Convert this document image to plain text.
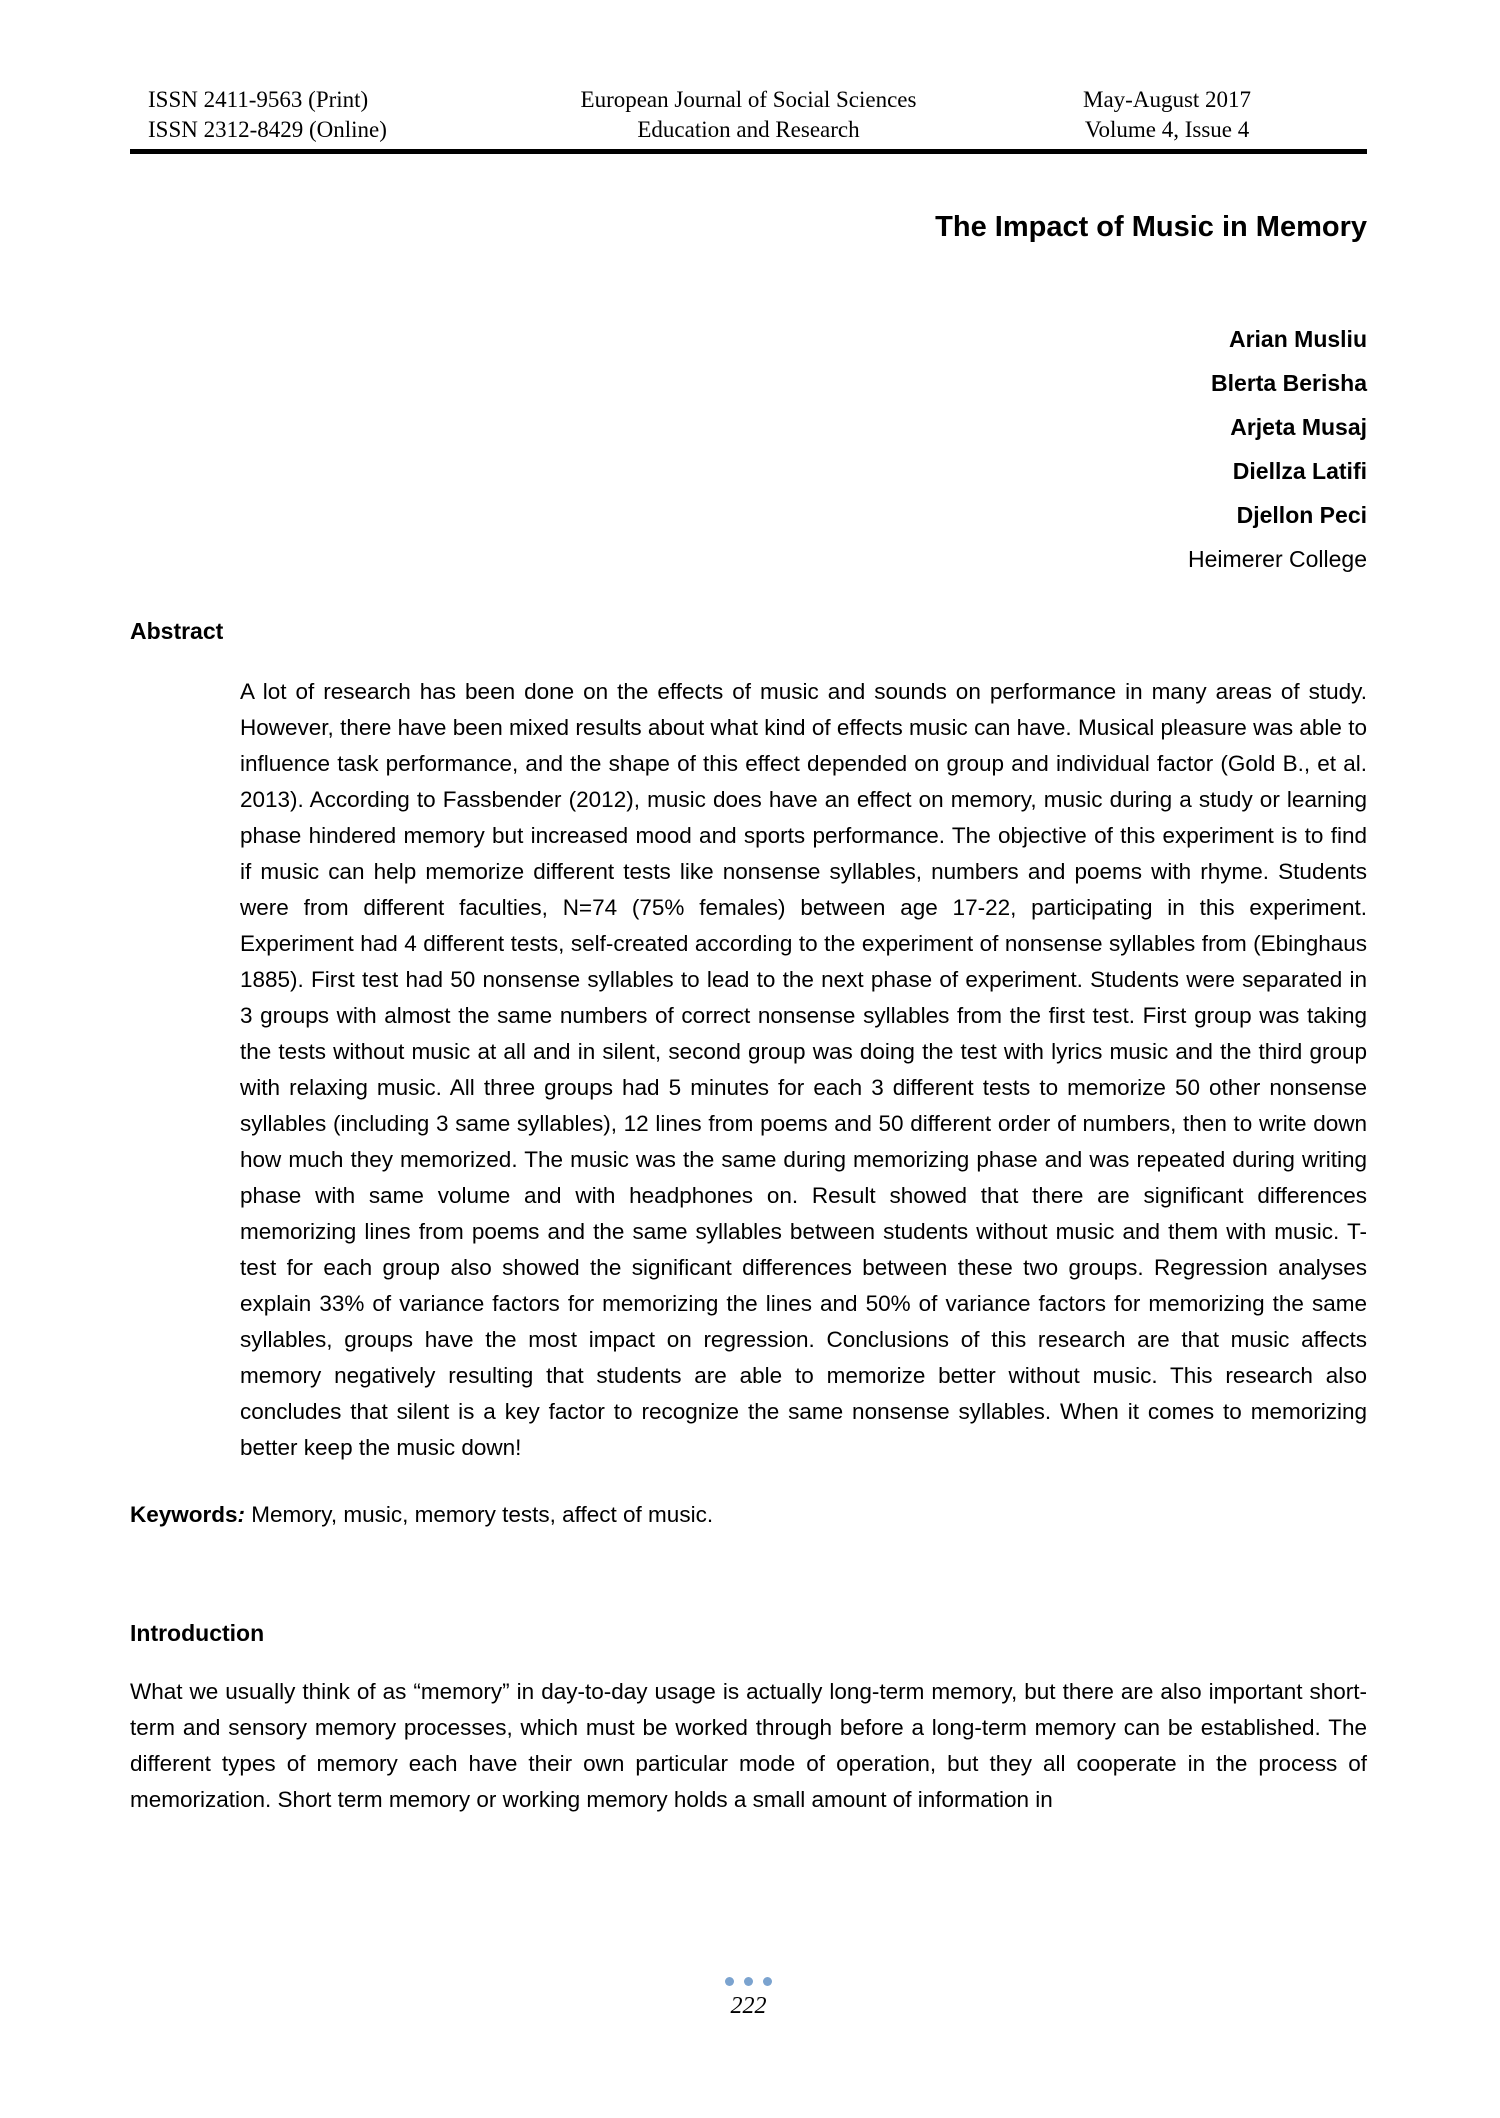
ISSN 2411-9563 (Print)
ISSN 2312-8429 (Online)
European Journal of Social Sciences
Education and Research
May-August 2017
Volume 4, Issue 4
The Impact of Music in Memory
Arian Musliu
Blerta Berisha
Arjeta Musaj
Diellza Latifi
Djellon Peci
Heimerer College
Abstract

A lot of research has been done on the effects of music and sounds on performance in many areas of study. However, there have been mixed results about what kind of effects music can have. Musical pleasure was able to influence task performance, and the shape of this effect depended on group and individual factor (Gold B., et al. 2013). According to Fassbender (2012), music does have an effect on memory, music during a study or learning phase hindered memory but increased mood and sports performance. The objective of this experiment is to find if music can help memorize different tests like nonsense syllables, numbers and poems with rhyme. Students were from different faculties, N=74 (75% females) between age 17-22, participating in this experiment. Experiment had 4 different tests, self-created according to the experiment of nonsense syllables from (Ebinghaus 1885). First test had 50 nonsense syllables to lead to the next phase of experiment. Students were separated in 3 groups with almost the same numbers of correct nonsense syllables from the first test. First group was taking the tests without music at all and in silent, second group was doing the test with lyrics music and the third group with relaxing music. All three groups had 5 minutes for each 3 different tests to memorize 50 other nonsense syllables (including 3 same syllables), 12 lines from poems and 50 different order of numbers, then to write down how much they memorized. The music was the same during memorizing phase and was repeated during writing phase with same volume and with headphones on. Result showed that there are significant differences memorizing lines from poems and the same syllables between students without music and them with music. T-test for each group also showed the significant differences between these two groups. Regression analyses explain 33% of variance factors for memorizing the lines and 50% of variance factors for memorizing the same syllables, groups have the most impact on regression. Conclusions of this research are that music affects memory negatively resulting that students are able to memorize better without music. This research also concludes that silent is a key factor to recognize the same nonsense syllables. When it comes to memorizing better keep the music down!

Keywords: Memory, music, memory tests, affect of music.

Introduction

What we usually think of as “memory” in day-to-day usage is actually long-term memory, but there are also important short-term and sensory memory processes, which must be worked through before a long-term memory can be established. The different types of memory each have their own particular mode of operation, but they all cooperate in the process of memorization. Short term memory or working memory holds a small amount of information in

222
